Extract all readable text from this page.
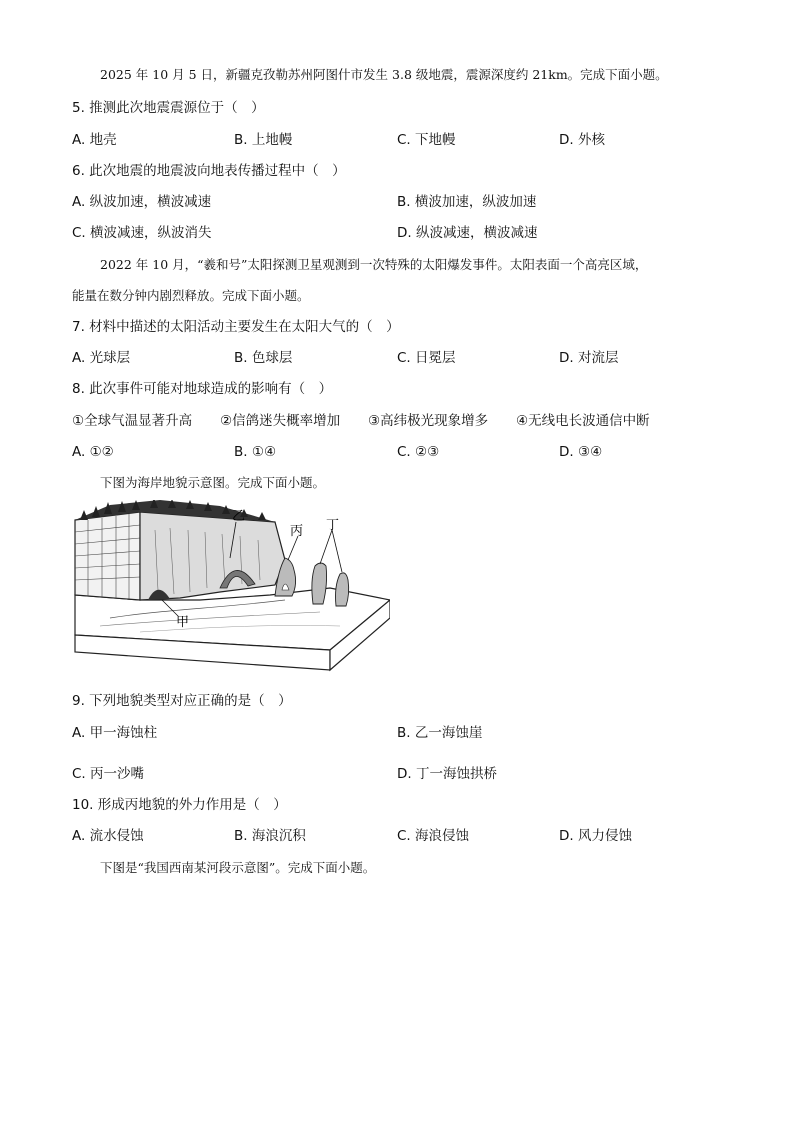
2025 年 10 月 5 日，新疆克孜勒苏州阿图什市发生 3.8 级地震，震源深度约 21km。完成下面小题。
5. 推测此次地震震源位于（　）
A. 地壳	B. 上地幔	C. 下地幔	D. 外核
6. 此次地震的地震波向地表传播过程中（　）
A. 纵波加速，横波减速	B. 横波加速，纵波加速
C. 横波减速，纵波消失	D. 纵波减速，横波减速
2022 年 10 月，“羲和号”太阳探测卫星观测到一次特殊的太阳爆发事件。太阳表面一个高亮区域，
能量在数分钟内剧烈释放。完成下面小题。
7. 材料中描述的太阳活动主要发生在太阳大气的（　）
A. 光球层	B. 色球层	C. 日冕层	D. 对流层
8. 此次事件可能对地球造成的影响有（　）
①全球气温显著升高 ②信鸽迷失概率增加 ③高纬极光现象增多 ④无线电长波通信中断
A. ①②	B. ①④	C. ②③	D. ③④
下图为海岸地貌示意图。完成下面小题。
乙
丙 丁
甲
9. 下列地貌类型对应正确的是（　）
A. 甲一海蚀柱	B. 乙一海蚀崖
C. 丙一沙嘴	D. 丁一海蚀拱桥
10. 形成丙地貌的外力作用是（　）
A. 流水侵蚀	B. 海浪沉积	C. 海浪侵蚀	D. 风力侵蚀
下图是“我国西南某河段示意图”。完成下面小题。
